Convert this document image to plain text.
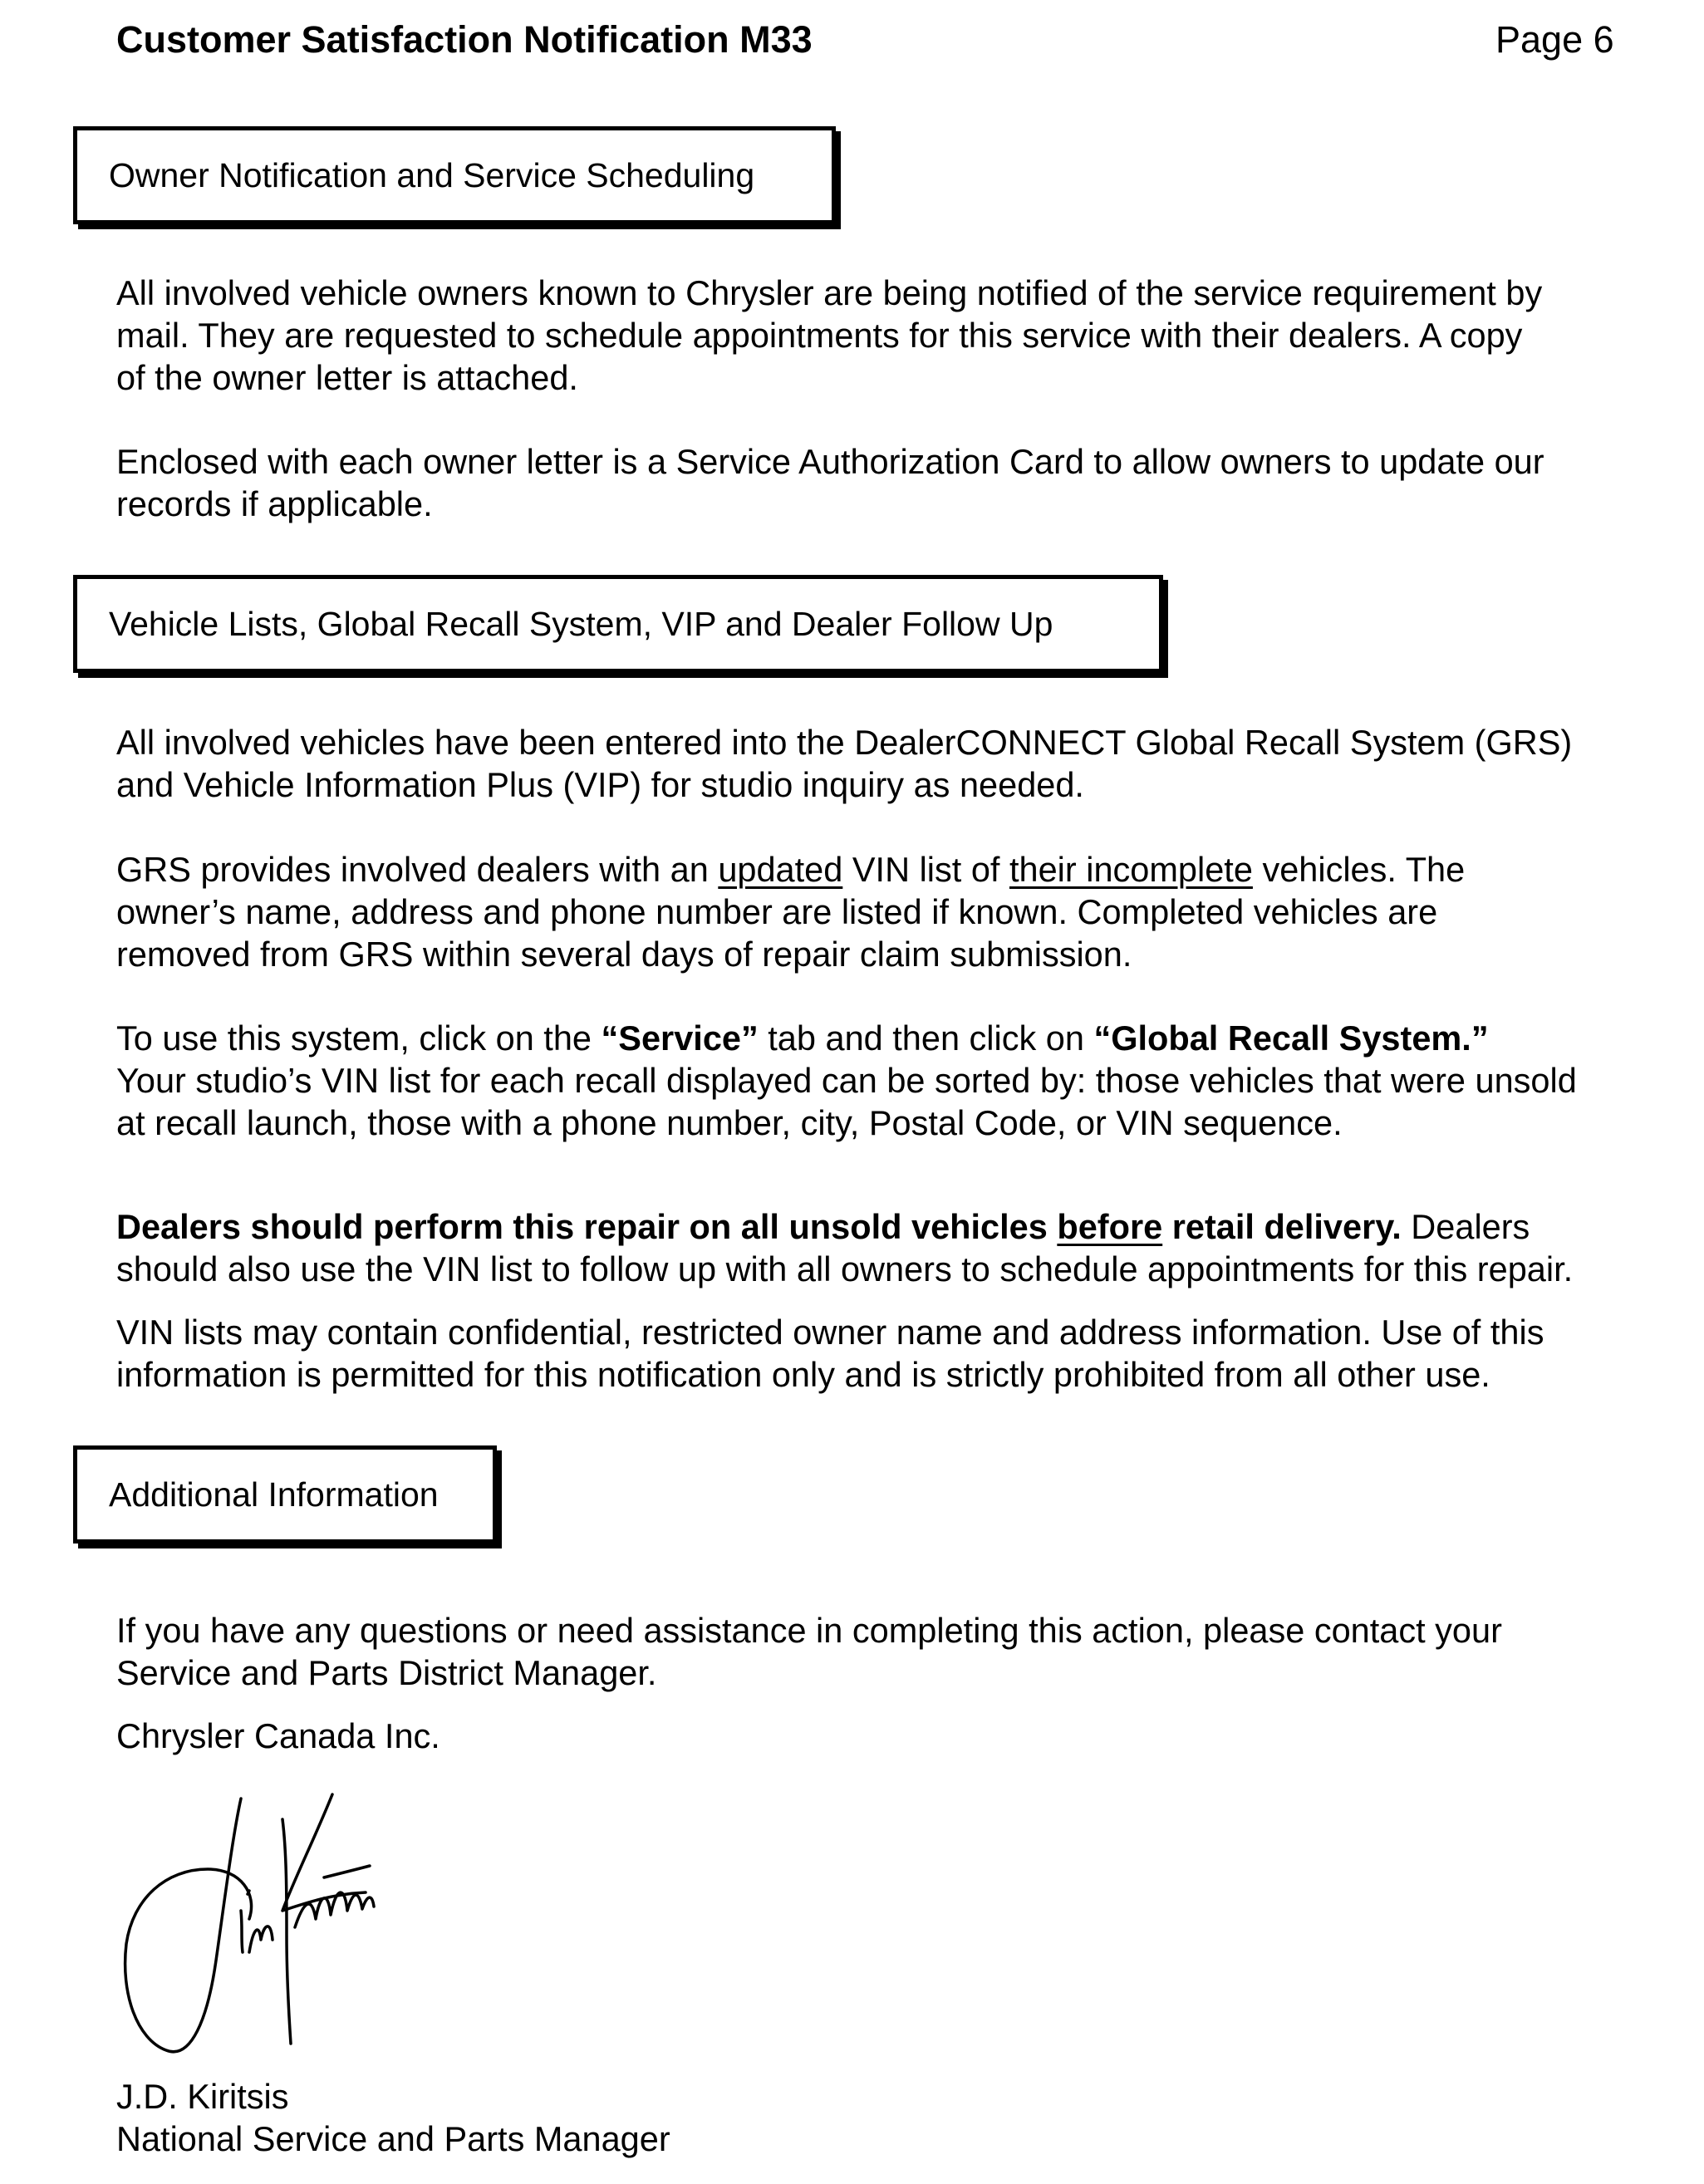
Customer Satisfaction Notification M33	Page 6
Owner Notification and Service Scheduling
All involved vehicle owners known to Chrysler are being notified of the service requirement by
mail. They are requested to schedule appointments for this service with their dealers. A copy
of the owner letter is attached.
Enclosed with each owner letter is a Service Authorization Card to allow owners to update our
records if applicable.
Vehicle Lists, Global Recall System, VIP and Dealer Follow Up
All involved vehicles have been entered into the DealerCONNECT Global Recall System (GRS)
and Vehicle Information Plus (VIP) for studio inquiry as needed.
GRS provides involved dealers with an updated VIN list of their incomplete vehicles. The
owner’s name, address and phone number are listed if known. Completed vehicles are
removed from GRS within several days of repair claim submission.
To use this system, click on the “Service” tab and then click on “Global Recall System.”
Your studio’s VIN list for each recall displayed can be sorted by: those vehicles that were unsold
at recall launch, those with a phone number, city, Postal Code, or VIN sequence.
Dealers should perform this repair on all unsold vehicles before retail delivery. Dealers
should also use the VIN list to follow up with all owners to schedule appointments for this repair.
VIN lists may contain confidential, restricted owner name and address information. Use of this
information is permitted for this notification only and is strictly prohibited from all other use.
Additional Information
If you have any questions or need assistance in completing this action, please contact your
Service and Parts District Manager.
Chrysler Canada Inc.
J.D. Kiritsis
National Service and Parts Manager
